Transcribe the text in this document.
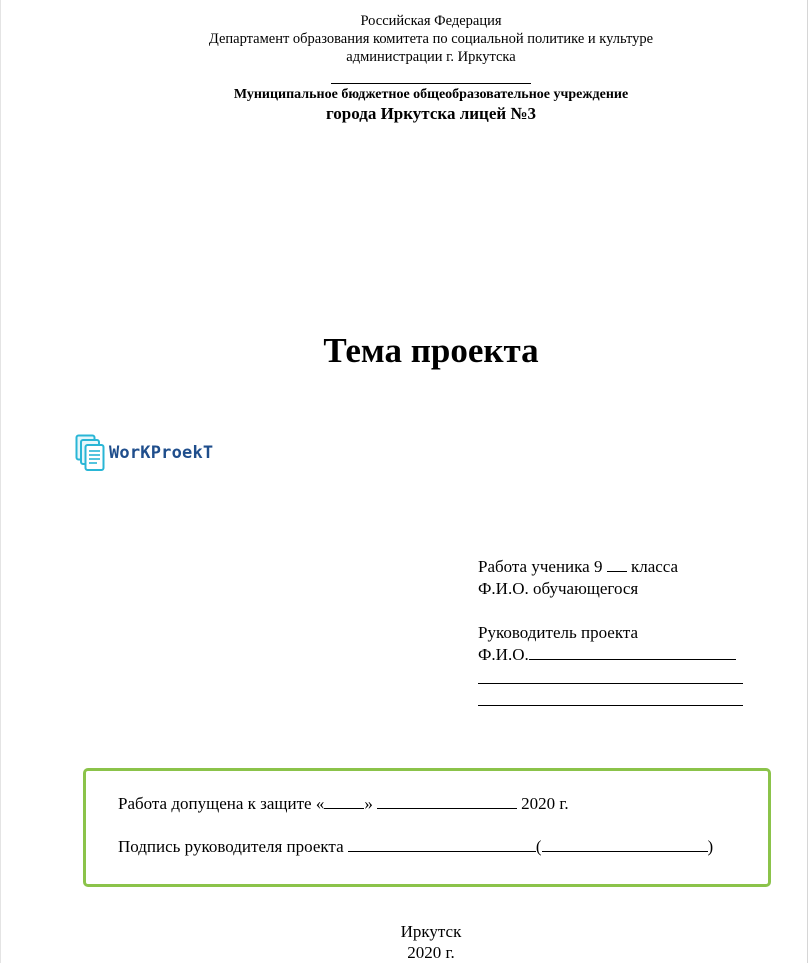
Российская Федерация
Департамент образования комитета по социальной политике и культуре
администрации г. Иркутска
Муниципальное бюджетное общеобразовательное учреждение
города Иркутска лицей №3
Тема проекта
WorKProekT
Работа ученика 9  класса
Ф.И.О. обучающегося
Руководитель проекта
Ф.И.О.
Работа допущена к защите « »	2020 г.
Подпись руководителя проекта	(	)
Иркутск
2020 г.
